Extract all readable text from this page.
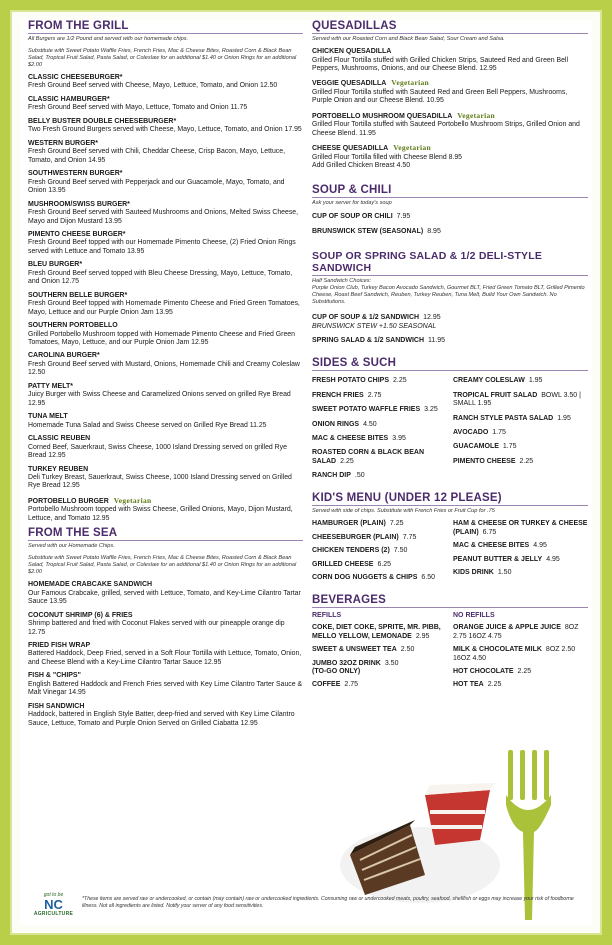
FROM THE GRILL
All Burgers are 1/2 Pound and served with our homemade chips.
Substitute with Sweet Potato Waffle Fries, French Fries, Mac & Cheese Bites, Roasted Corn & Black Bean Salad, Tropical Fruit Salad, Pasta Salad, or Coleslaw for an additional $1.40 or Onion Rings for an additional $2.00
CLASSIC CHEESEBURGER*
Fresh Ground Beef served with Cheese, Mayo, Lettuce, Tomato, and Onion 12.50
CLASSIC HAMBURGER*
Fresh Ground Beef served with Mayo, Lettuce, Tomato and Onion 11.75
BELLY BUSTER DOUBLE CHEESEBURGER*
Two Fresh Ground Burgers served with Cheese, Mayo, Lettuce, Tomato, and Onion 17.95
WESTERN BURGER*
Fresh Ground Beef served with Chili, Cheddar Cheese, Crisp Bacon, Mayo, Lettuce, Tomato, and Onion 14.95
SOUTHWESTERN BURGER*
Fresh Ground Beef served with Pepperjack and our Guacamole, Mayo, Tomato, and Onion 13.95
MUSHROOM/SWISS BURGER*
Fresh Ground Beef served with Sauteed Mushrooms and Onions, Melted Swiss Cheese, Mayo and Dijon Mustard 13.95
PIMENTO CHEESE BURGER*
Fresh Ground Beef topped with our Homemade Pimento Cheese, (2) Fried Onion Rings served with Lettuce and Tomato 13.95
BLEU BURGER*
Fresh Ground Beef served topped with Bleu Cheese Dressing, Mayo, Lettuce, Tomato, and Onion 12.75
SOUTHERN BELLE BURGER*
Fresh Ground Beef topped with Homemade Pimento Cheese and Fried Green Tomatoes, Mayo, Lettuce and our Purple Onion Jam 13.95
SOUTHERN PORTOBELLO
Grilled Portobello Mushroom topped with Homemade Pimento Cheese and Fried Green Tomatoes, Mayo, Lettuce, and our Purple Onion Jam 12.95
CAROLINA BURGER*
Fresh Ground Beef served with Mustard, Onions, Homemade Chili and Creamy Coleslaw 12.50
PATTY MELT*
Juicy Burger with Swiss Cheese and Caramelized Onions served on grilled Rye Bread 12.95
TUNA MELT
Homemade Tuna Salad and Swiss Cheese served on Grilled Rye Bread 11.25
CLASSIC REUBEN
Corned Beef, Sauerkraut, Swiss Cheese, 1000 Island Dressing served on grilled Rye Bread 12.95
TURKEY REUBEN
Deli Turkey Breast, Sauerkraut, Swiss Cheese, 1000 Island Dressing served on Grilled Rye Bread 12.95
PORTOBELLO BURGER Vegetarian
Portobello Mushroom topped with Swiss Cheese, Grilled Onions, Mayo, Dijon Mustard, Lettuce, and Tomato 12.95
FROM THE SEA
Served with our Homemade Chips.
Substitute with Sweet Potato Waffle Fries, French Fries, Mac & Cheese Bites, Roasted Corn & Black Bean Salad, Tropical Fruit Salad, Pasta Salad, or Coleslaw for an additional $1.40 or Onion Rings for an additional $2.00
HOMEMADE CRABCAKE SANDWICH
Our Famous Crabcake, grilled, served with Lettuce, Tomato, and Key-Lime Cilantro Tartar Sauce 13.95
COCONUT SHRIMP (6) & FRIES
Shrimp battered and fried with Coconut Flakes served with our pineapple orange dip 12.75
FRIED FISH WRAP
Battered Haddock, Deep Fried, served in a Soft Flour Tortilla with Lettuce, Tomato, Onion, and Cheese Blend with a Key-Lime Cilantro Tartar Sauce 12.95
FISH & "CHIPS"
English Battered Haddock and French Fries served with Key Lime Cilantro Tarter Sauce & Malt Vinegar 14.95
FISH SANDWICH
Haddock, battered in English Style Batter, deep-fried and served with Key Lime Cilantro Sauce, Lettuce, Tomato and Purple Onion Served on Grilled Ciabatta 12.95
QUESADILLAS
Served with our Roasted Corn and Black Bean Salad, Sour Cream and Salsa.
CHICKEN QUESADILLA
Grilled Flour Tortilla stuffed with Grilled Chicken Strips, Sauteed Red and Green Bell Peppers, Mushrooms, Onions, and our Cheese Blend. 12.95
VEGGIE QUESADILLA Vegetarian
Grilled Flour Tortilla stuffed with Sauteed Red and Green Bell Peppers, Mushrooms, Purple Onion and our Cheese Blend. 10.95
PORTOBELLO MUSHROOM QUESADILLA Vegetarian
Grilled Flour Tortilla stuffed with Sauteed Portobello Mushroom Strips, Grilled Onion and Cheese Blend. 11.95
CHEESE QUESADILLA Vegetarian
Grilled Flour Tortilla filled with Cheese Blend 8.95
Add Grilled Chicken Breast 4.50
SOUP & CHILI
Ask your server for today's soup
CUP OF SOUP OR CHILI 7.95
BRUNSWICK STEW (SEASONAL) 8.95
SOUP OR SPRING SALAD & 1/2 DELI-STYLE SANDWICH
Half Sandwich Choices:
Purple Onion Club, Turkey Bacon Avocado Sandwich, Gourmet BLT, Fried Green Tomato BLT, Grilled Pimento Cheese, Roast Beef Sandwich, Reuben, Turkey Reuben, Tuna Melt, Build Your Own Sandwich. No Substitutions.
CUP OF SOUP & 1/2 SANDWICH 12.95
BRUNSWICK STEW +1.50 SEASONAL
SPRING SALAD & 1/2 SANDWICH 11.95
SIDES & SUCH
FRESH POTATO CHIPS 2.25
FRENCH FRIES 2.75
SWEET POTATO WAFFLE FRIES 3.25
ONION RINGS 4.50
MAC & CHEESE BITES 3.95
ROASTED CORN & BLACK BEAN SALAD 2.25
RANCH DIP .50
CREAMY COLESLAW 1.95
TROPICAL FRUIT SALAD BOWL 3.50 | SMALL 1.95
RANCH STYLE PASTA SALAD 1.95
AVOCADO 1.75
GUACAMOLE 1.75
PIMENTO CHEESE 2.25
KID'S MENU (UNDER 12 PLEASE)
Served with side of chips. Substitute with French Fries or Fruit Cup for .75
HAMBURGER (PLAIN) 7.25
CHEESEBURGER (PLAIN) 7.75
CHICKEN TENDERS (2) 7.50
GRILLED CHEESE 6.25
CORN DOG NUGGETS & CHIPS 6.50
HAM & CHEESE OR TURKEY & CHEESE (PLAIN) 6.75
MAC & CHEESE BITES 4.95
PEANUT BUTTER & JELLY 4.95
KIDS DRINK 1.50
BEVERAGES
REFILLS
COKE, DIET COKE, SPRITE, MR. PIBB, MELLO YELLOW, LEMONADE 2.95
SWEET & UNSWEET TEA 2.50
JUMBO 32OZ DRINK 3.50
(TO-GO ONLY)
COFFEE 2.75
NO REFILLS
ORANGE JUICE & APPLE JUICE 8OZ 2.75 16OZ 4.75
MILK & CHOCOLATE MILK 8OZ 2.50 16OZ 4.50
HOT CHOCOLATE 2.25
HOT TEA 2.25
got to be
NC
AGRICULTURE
*These items are served raw or undercooked, or contain (may contain) raw or undercooked ingredients. Consuming raw or undercooked meats, poultry, seafood, shellfish or eggs may increase your risk of foodborne illness. Not all ingredients are listed. Notify your server of any food sensitivities.
